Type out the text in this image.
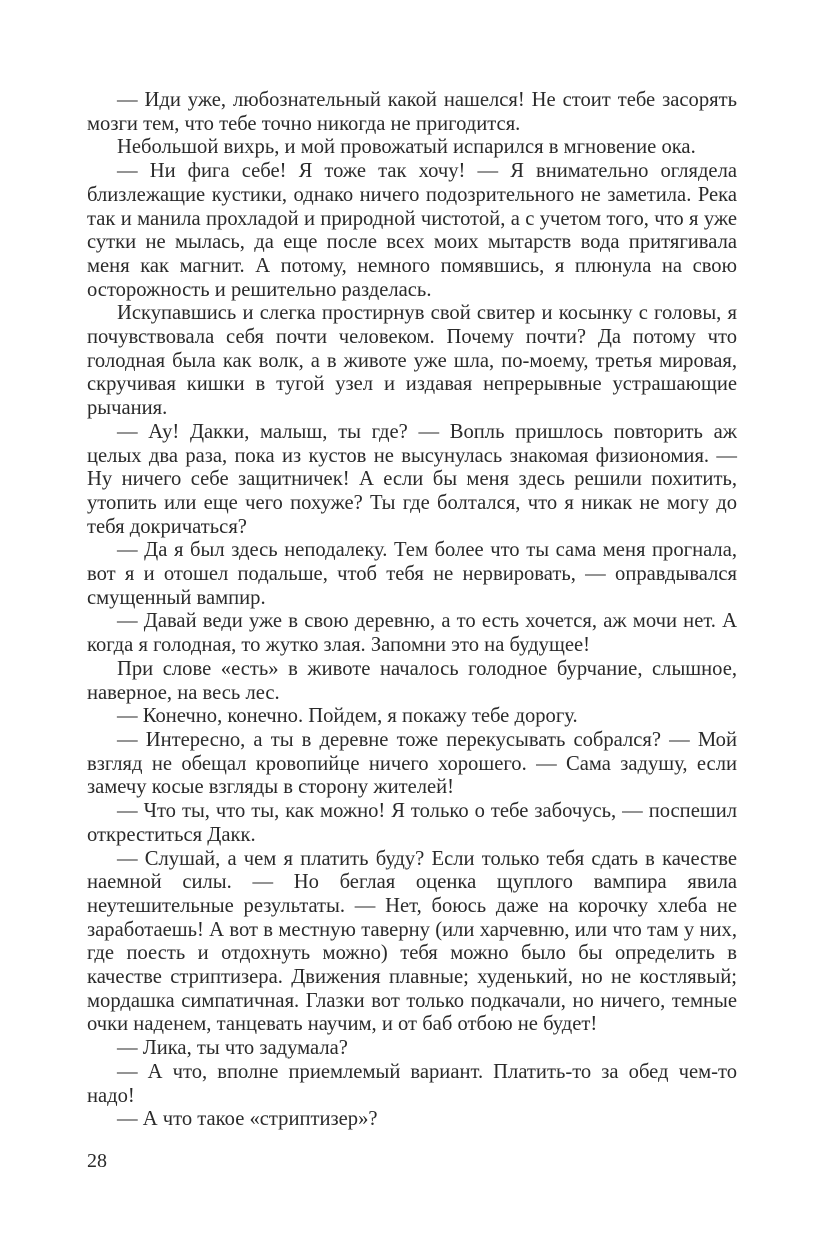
— Иди уже, любознательный какой нашелся! Не стоит тебе засорять мозги тем, что тебе точно никогда не пригодится.

Небольшой вихрь, и мой провожатый испарился в мгновение ока.

— Ни фига себе! Я тоже так хочу! — Я внимательно оглядела близлежащие кустики, однако ничего подозрительного не заметила. Река так и манила прохладой и природной чистотой, а с учетом того, что я уже сутки не мылась, да еще после всех моих мытарств вода притягивала меня как магнит. А потому, немного помявшись, я плюнула на свою осторожность и решительно разделась.

Искупавшись и слегка простирнув свой свитер и косынку с головы, я почувствовала себя почти человеком. Почему почти? Да потому что голодная была как волк, а в животе уже шла, по-моему, третья мировая, скручивая кишки в тугой узел и издавая непрерывные устрашающие рычания.

— Ау! Дакки, малыш, ты где? — Вопль пришлось повторить аж целых два раза, пока из кустов не высунулась знакомая физиономия. — Ну ничего себе защитничек! А если бы меня здесь решили похитить, утопить или еще чего похуже? Ты где болтался, что я никак не могу до тебя докричаться?

— Да я был здесь неподалеку. Тем более что ты сама меня прогнала, вот я и отошел подальше, чтоб тебя не нервировать, — оправдывался смущенный вампир.

— Давай веди уже в свою деревню, а то есть хочется, аж мочи нет. А когда я голодная, то жутко злая. Запомни это на будущее!

При слове «есть» в животе началось голодное бурчание, слышное, наверное, на весь лес.

— Конечно, конечно. Пойдем, я покажу тебе дорогу.

— Интересно, а ты в деревне тоже перекусывать собрался? — Мой взгляд не обещал кровопийце ничего хорошего. — Сама задушу, если замечу косые взгляды в сторону жителей!

— Что ты, что ты, как можно! Я только о тебе забочусь, — поспешил откреститься Дакк.

— Слушай, а чем я платить буду? Если только тебя сдать в качестве наемной силы. — Но беглая оценка щуплого вампира явила неутешительные результаты. — Нет, боюсь даже на корочку хлеба не заработаешь! А вот в местную таверну (или харчевню, или что там у них, где поесть и отдохнуть можно) тебя можно было бы определить в качестве стриптизера. Движения плавные; худенький, но не костлявый; мордашка симпатичная. Глазки вот только подкачали, но ничего, темные очки наденем, танцевать научим, и от баб отбою не будет!

— Лика, ты что задумала?

— А что, вполне приемлемый вариант. Платить-то за обед чем-то надо!

— А что такое «стриптизер»?

28
